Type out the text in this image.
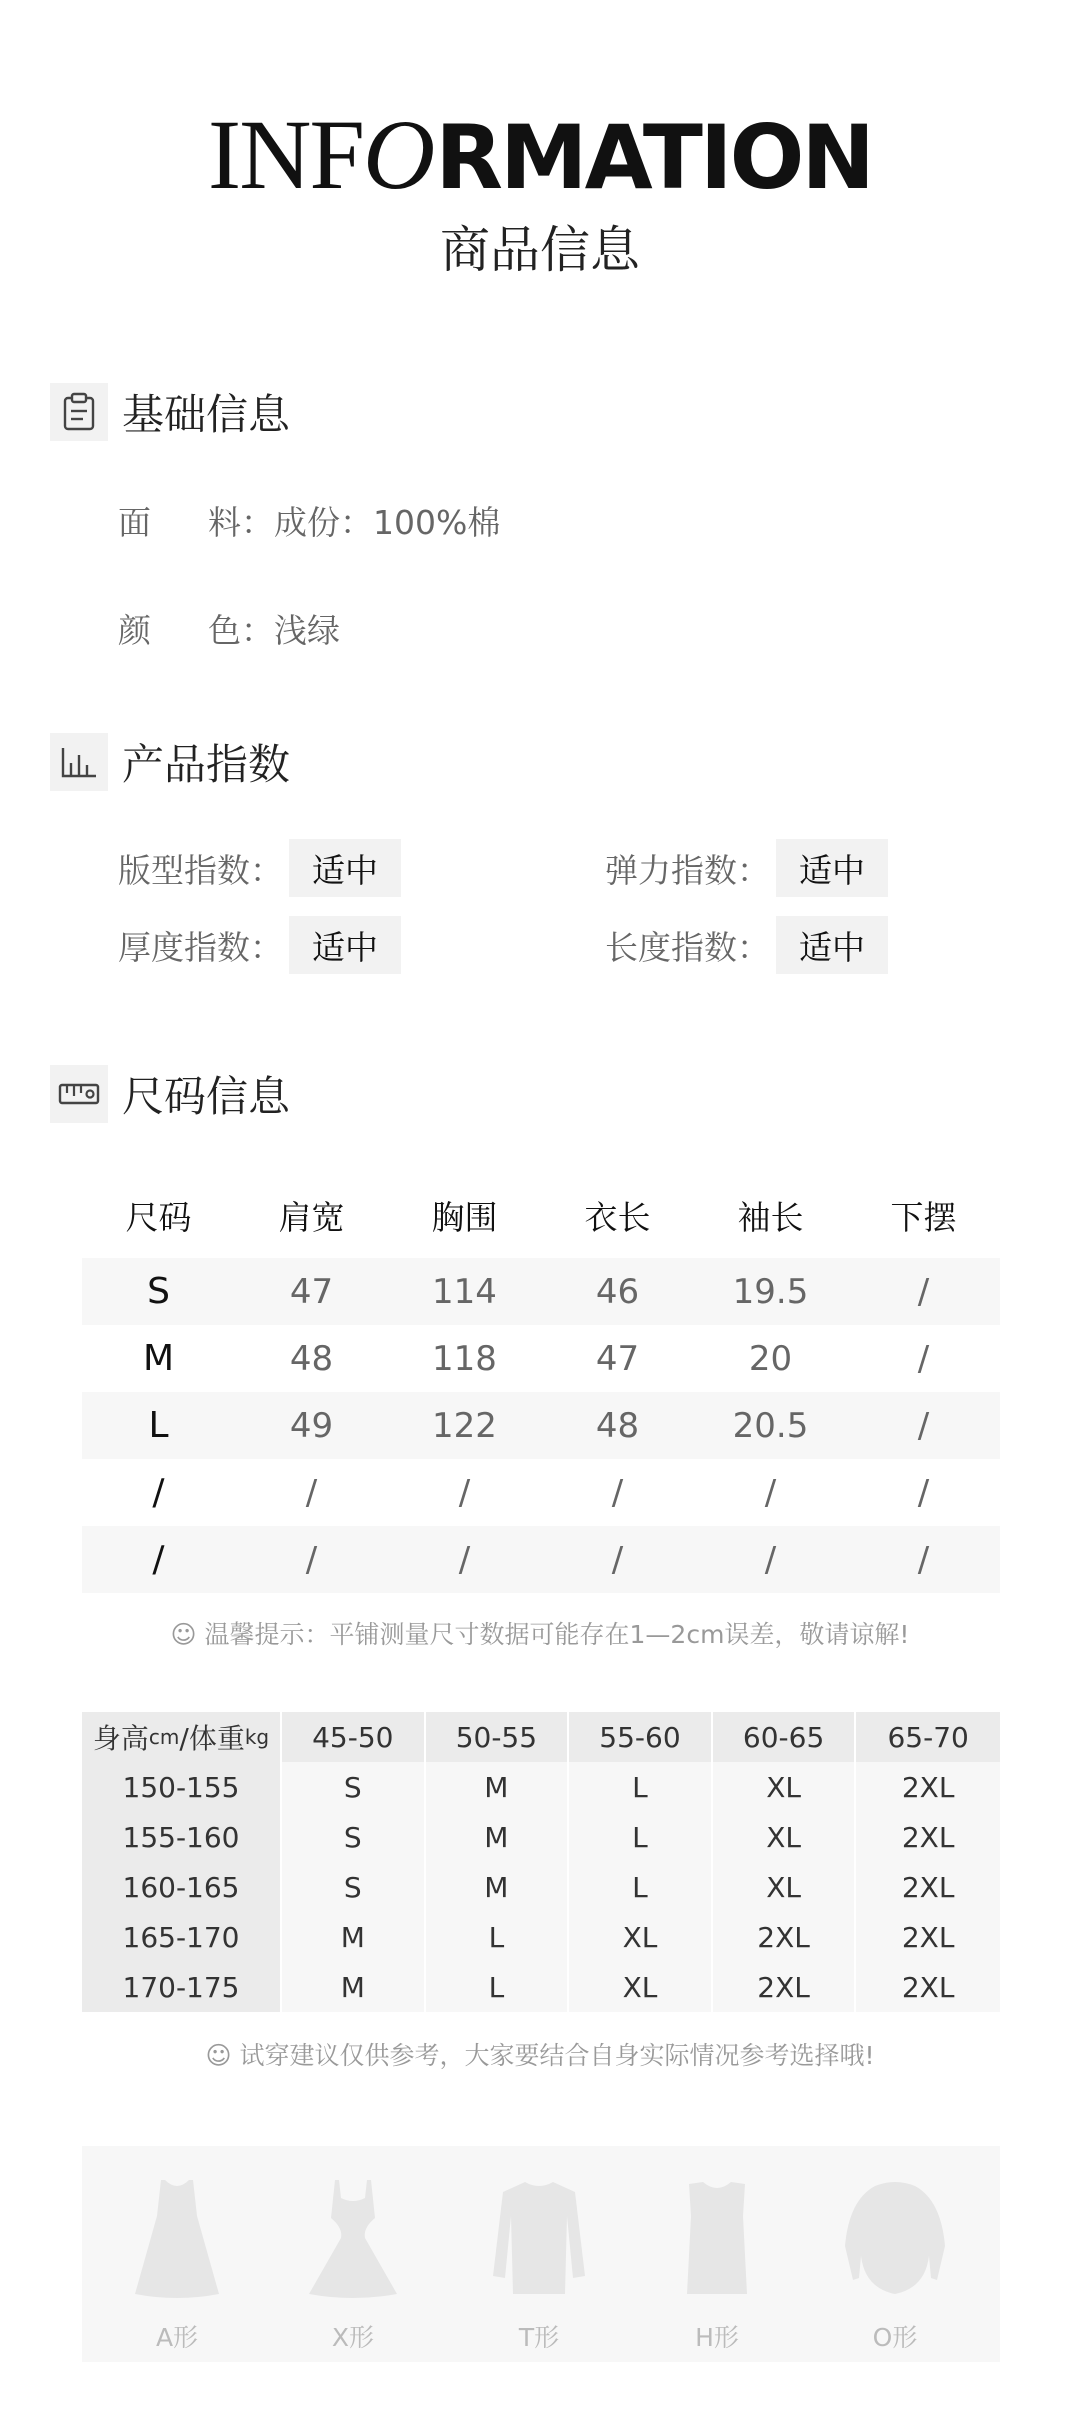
INFORMATION
商品信息
基础信息
面 料：成份：100%棉
颜 色：浅绿
产品指数
版型指数： 适中	弹力指数： 适中
厚度指数： 适中	长度指数： 适中
尺码信息
尺码	肩宽	胸围	衣长	袖长	下摆
S	47	114	46	19.5	/
M	48	118	47	20	/
L	49	122	48	20.5	/
/	/	/	/	/	/
/	/	/	/	/	/
☺ 温馨提示：平铺测量尺寸数据可能存在1—2cm误差，敬请谅解!
身高 cm /体重 kg	45-50	50-55	55-60	60-65	65-70
150-155	S	M	L	XL	2XL
155-160	S	M	L	XL	2XL
160-165	S	M	L	XL	2XL
165-170	M	L	XL	2XL	2XL
170-175	M	L	XL	2XL	2XL
☺ 试穿建议仅供参考，大家要结合自身实际情况参考选择哦!
A形	X形	T形	H形	O形
